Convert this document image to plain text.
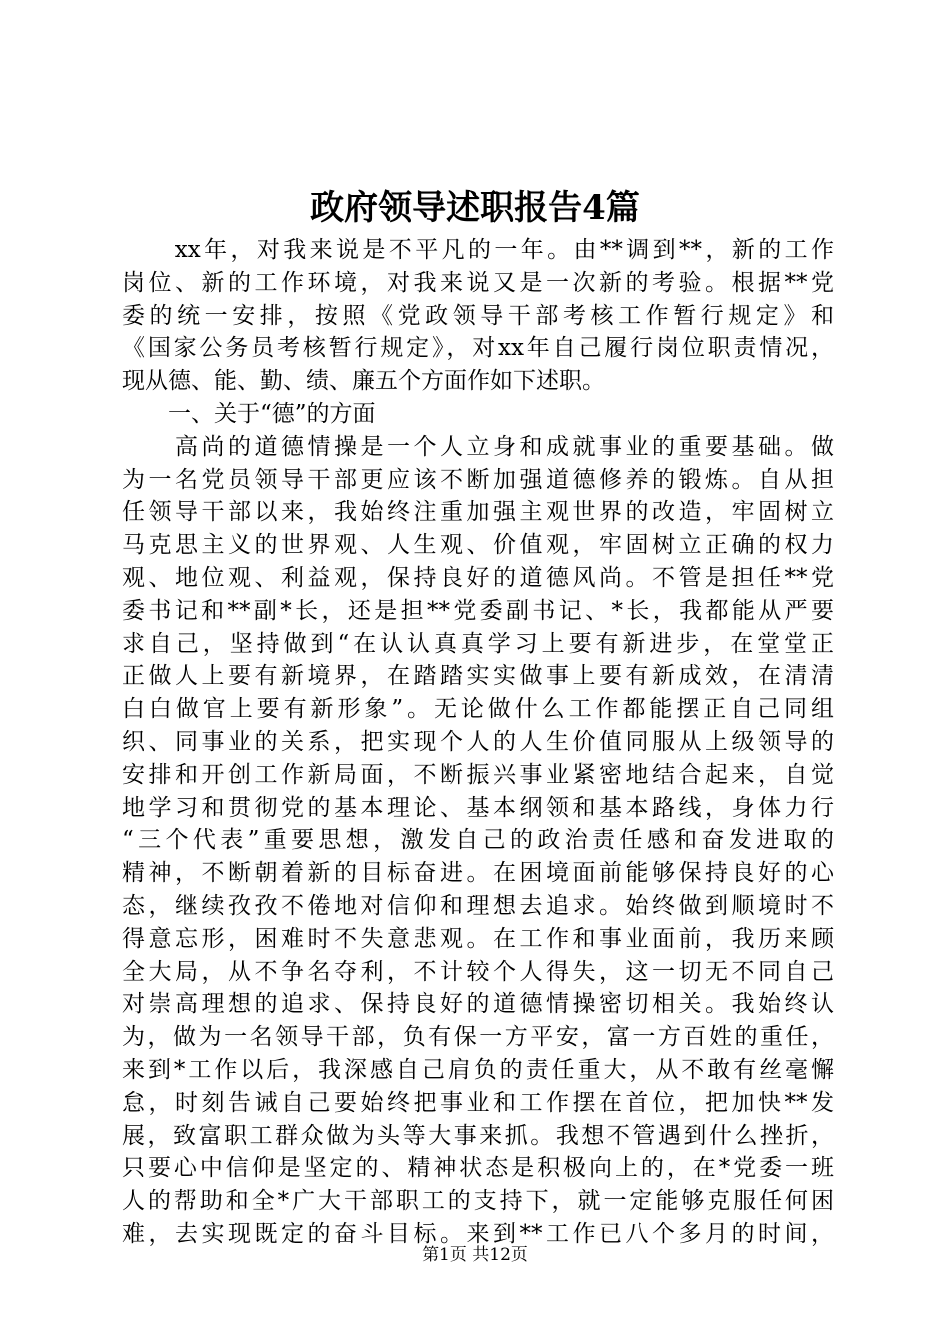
政府领导述职报告4篇
　　xx年，对我来说是不平凡的一年。由**调到**，新的工作
岗位、新的工作环境，对我来说又是一次新的考验。根据**党
委的统一安排，按照《党政领导干部考核工作暂行规定》和
《国家公务员考核暂行规定》，对xx年自己履行岗位职责情况，
现从德、能、勤、绩、廉五个方面作如下述职。
　　一、关于“德”的方面
　　高尚的道德情操是一个人立身和成就事业的重要基础。做
为一名党员领导干部更应该不断加强道德修养的锻炼。自从担
任领导干部以来，我始终注重加强主观世界的改造，牢固树立
马克思主义的世界观、人生观、价值观，牢固树立正确的权力
观、地位观、利益观，保持良好的道德风尚。不管是担任**党
委书记和**副*长，还是担**党委副书记、*长，我都能从严要
求自己，坚持做到“在认认真真学习上要有新进步，在堂堂正
正做人上要有新境界，在踏踏实实做事上要有新成效，在清清
白白做官上要有新形象”。无论做什么工作都能摆正自己同组
织、同事业的关系，把实现个人的人生价值同服从上级领导的
安排和开创工作新局面，不断振兴事业紧密地结合起来，自觉
地学习和贯彻党的基本理论、基本纲领和基本路线，身体力行
“三个代表”重要思想，激发自己的政治责任感和奋发进取的
精神，不断朝着新的目标奋进。在困境面前能够保持良好的心
态，继续孜孜不倦地对信仰和理想去追求。始终做到顺境时不
得意忘形，困难时不失意悲观。在工作和事业面前，我历来顾
全大局，从不争名夺利，不计较个人得失，这一切无不同自己
对崇高理想的追求、保持良好的道德情操密切相关。我始终认
为，做为一名领导干部，负有保一方平安，富一方百姓的重任，
来到*工作以后，我深感自己肩负的责任重大，从不敢有丝毫懈
怠，时刻告诫自己要始终把事业和工作摆在首位，把加快**发
展，致富职工群众做为头等大事来抓。我想不管遇到什么挫折，
只要心中信仰是坚定的、精神状态是积极向上的，在*党委一班
人的帮助和全*广大干部职工的支持下，就一定能够克服任何困
难，去实现既定的奋斗目标。来到**工作已八个多月的时间，
第1页 共12页
